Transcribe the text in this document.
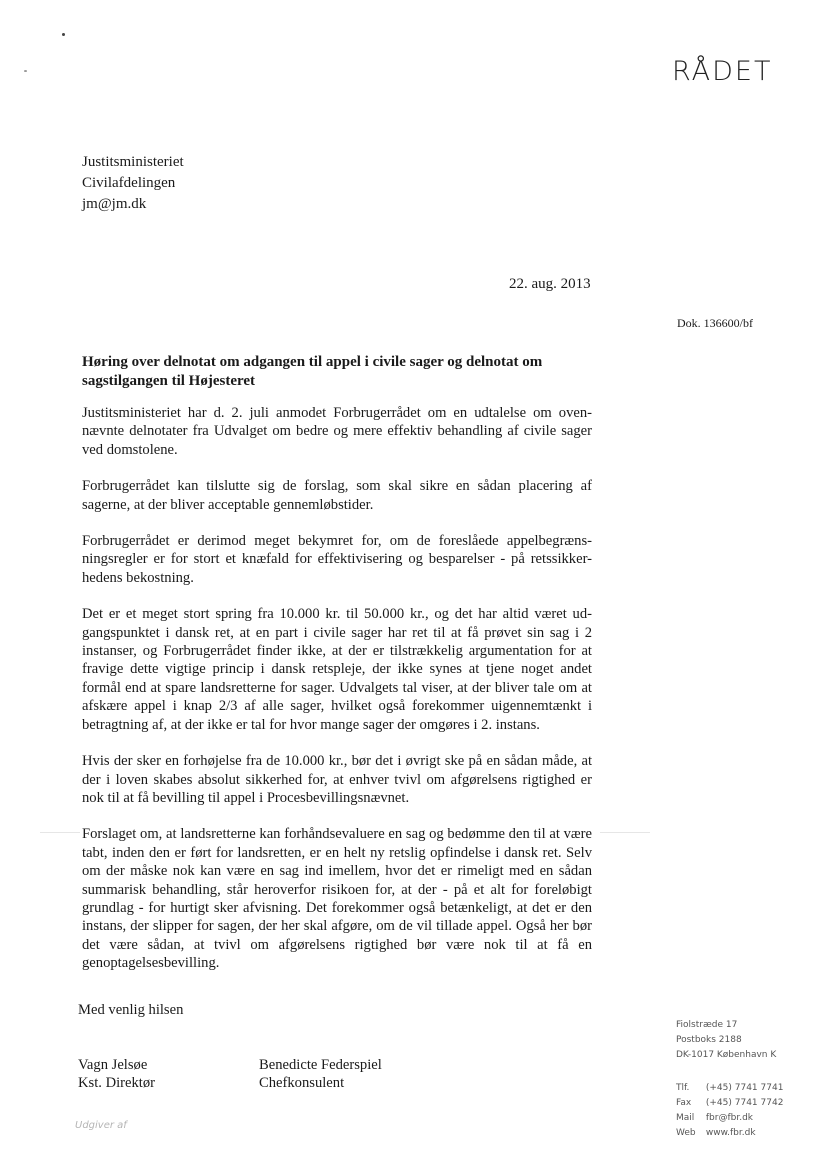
RÅDET
Justitsministeriet
Civilafdelingen
jm@jm.dk
22. aug. 2013
Dok. 136600/bf
Høring over delnotat om adgangen til appel i civile sager og delnotat om sagstilgangen til Højesteret

Justitsministeriet har d. 2. juli anmodet Forbrugerrådet om en udtalelse om oven-nævnte delnotater fra Udvalget om bedre og mere effektiv behandling af civile sager ved domstolene.

Forbrugerrådet kan tilslutte sig de forslag, som skal sikre en sådan placering af sagerne, at der bliver acceptable gennemløbstider.

Forbrugerrådet er derimod meget bekymret for, om de foreslåede appelbegræns-ningsregler er for stort et knæfald for effektivisering og besparelser - på retssikker-hedens bekostning.

Det er et meget stort spring fra 10.000 kr. til 50.000 kr., og det har altid været ud-gangspunktet i dansk ret, at en part i civile sager har ret til at få prøvet sin sag i 2 instanser, og Forbrugerrådet finder ikke, at der er tilstrækkelig argumentation for at fravige dette vigtige princip i dansk retspleje, der ikke synes at tjene noget andet formål end at spare landsretterne for sager. Udvalgets tal viser, at der bliver tale om at afskære appel i knap 2/3 af alle sager, hvilket også forekommer uigennemtænkt i betragtning af, at der ikke er tal for hvor mange sager der omgøres i 2. instans.

Hvis der sker en forhøjelse fra de 10.000 kr., bør det i øvrigt ske på en sådan måde, at der i loven skabes absolut sikkerhed for, at enhver tvivl om afgørelsens rigtighed er nok til at få bevilling til appel i Procesbevillingsnævnet.

Forslaget om, at landsretterne kan forhåndsevaluere en sag og bedømme den til at være tabt, inden den er ført for landsretten, er en helt ny retslig opfindelse i dansk ret. Selv om der måske nok kan være en sag ind imellem, hvor det er rimeligt med en sådan summarisk behandling, står heroverfor risikoen for, at der - på et alt for foreløbigt grundlag - for hurtigt sker afvisning. Det forekommer også betænkeligt, at det er den instans, der slipper for sagen, der her skal afgøre, om de vil tillade appel. Også her bør det være sådan, at tvivl om afgørelsens rigtighed bør være nok til at få en genoptagelsesbevilling.

Med venlig hilsen
Vagn Jelsøe
Kst. Direktør
Benedicte Federspiel
Chefkonsulent
Udgiver af
Fiolstræde 17
Postboks 2188
DK-1017 København K
Tlf. (+45) 7741 7741
Fax (+45) 7741 7742
Mail fbr@fbr.dk
Web www.fbr.dk
